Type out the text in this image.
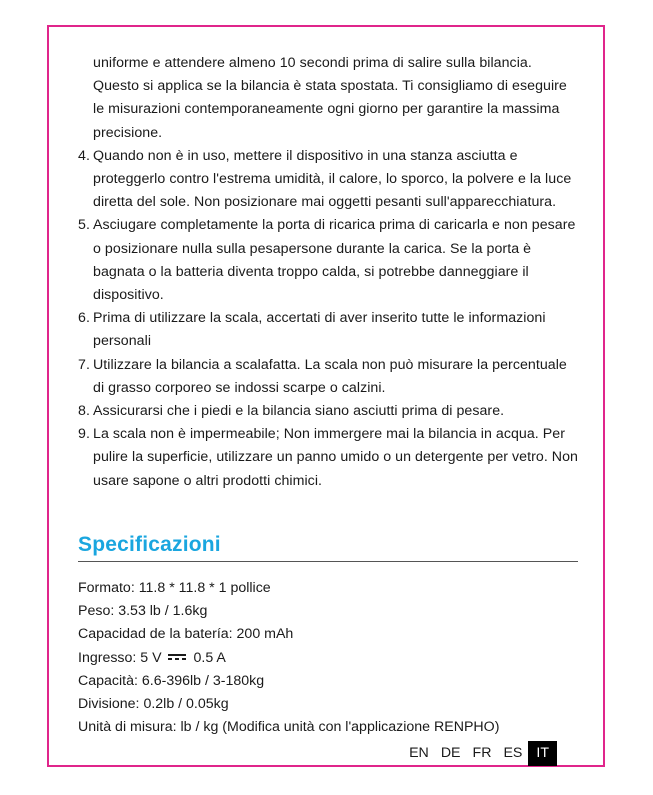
uniforme e attendere almeno 10 secondi prima di salire sulla bilancia. Questo si applica se la bilancia è stata spostata. Ti consigliamo di eseguire le misurazioni contemporaneamente ogni giorno per garantire la massima precisione.
4. Quando non è in uso, mettere il dispositivo in una stanza asciutta e proteggerlo contro l'estrema umidità, il calore, lo sporco, la polvere e la luce diretta del sole. Non posizionare mai oggetti pesanti sull'apparecchiatura.
5. Asciugare completamente la porta di ricarica prima di caricarla e non pesare o posizionare nulla sulla pesapersone durante la carica. Se la porta è bagnata o la batteria diventa troppo calda, si potrebbe danneggiare il dispositivo.
6. Prima di utilizzare la scala, accertati di aver inserito tutte le informazioni personali
7. Utilizzare la bilancia a scalafatta. La scala non può misurare la percentuale di grasso corporeo se indossi scarpe o calzini.
8. Assicurarsi che i piedi e la bilancia siano asciutti prima di pesare.
9. La scala non è impermeabile; Non immergere mai la bilancia in acqua. Per pulire la superficie, utilizzare un panno umido o un detergente per vetro. Non usare sapone o altri prodotti chimici.
Specificazioni
Formato: 11.8 * 11.8 * 1 pollice
Peso: 3.53 lb / 1.6kg
Capacidad de la batería: 200 mAh
Ingresso: 5 V 0.5 A
Capacità: 6.6-396lb / 3-180kg
Divisione: 0.2lb / 0.05kg
Unità di misura: lb / kg (Modifica unità con l'applicazione RENPHO)
EN DE FR ES IT
